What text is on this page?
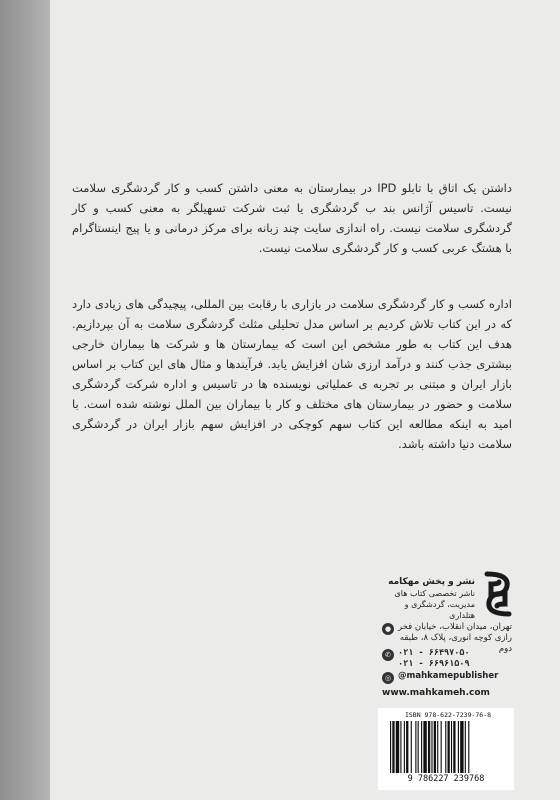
داشتن یک اتاق با تابلو IPD در بیمارستان به معنی داشتن کسب و کار گردشگری سلامت نیست. تاسیس آژانس بند ب گردشگری یا ثبت شرکت تسهیلگر به معنی کسب و کار گردشگری سلامت نیست. راه اندازی سایت چند زبانه برای مرکز درمانی و یا پیج اینستاگرام با هشتگ عربی کسب و کار گردشگری سلامت نیست.

اداره کسب و کار گردشگری سلامت در بازاری با رقابت بین المللی، پیچیدگی های زیادی دارد که در این کتاب تلاش کردیم بر اساس مدل تحلیلی مثلث گردشگری سلامت به آن بپردازیم. هدف این کتاب به طور مشخص این است که بیمارستان ها و شرکت ها بیماران خارجی بیشتری جذب کنند و درآمد ارزی شان افزایش یابد. فرآیندها و مثال های این کتاب بر اساس بازار ایران و مبتنی بر تجربه ی عملیاتی نویسنده ها در تاسیس و اداره شرکت گردشگری سلامت و حضور در بیمارستان های مختلف و کار با بیماران بین الملل نوشته شده است. با امید به اینکه مطالعه این کتاب سهم کوچکی در افزایش سهم بازار ایران در گردشگری سلامت دنیا داشته باشد.

نشر و پخش مهکامه
ناشر تخصصی کتاب های مدیریت، گردشگری و هتلداری
● تهران، میدان انقلاب، خیابان فخر رازی کوچه انوری، پلاک ۸، طبقه دوم
✆ ۰۲۱ - ۶۶۴۹۷۰۵۰
۰۲۱ - ۶۶۹۶۱۵۰۹
◎ @mahkamepublisher
www.mahkameh.com
ISBN 978-622-7239-76-8
9 786227 239768
